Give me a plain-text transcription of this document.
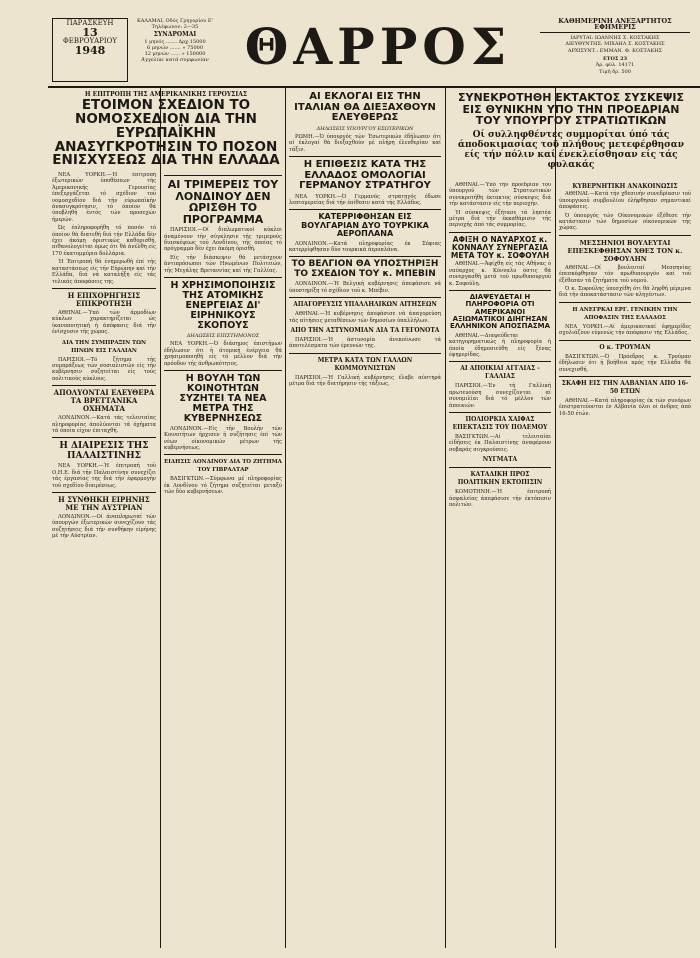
ΠΑΡΑΣΚΕΥΗ
13
ΦΕΒΡΟΥΑΡΙΟΥ
1948
ΚΑΛΑΜΑΙ, Οδός Γρηγορίου Ε'
Τηλέφωνον: 2—35
ΣΥΝΔΡΟΜΑΙ
1 μηνός ....... Δρχ.15000
6 μηνών ....... » 75000
12 μηνών ...... » 150000
Άγγελίαι κατά συμφωνίαν ΘΑΡΡΟΣ	ΚΑΘΗΜΕΡΙΝΗ ΑΝΕΞΑΡΤΗΤΟΣ ΕΦΗΜΕΡΙΣ
ΙΔΡΥΤΑΙ: ΙΩΑΝΝΗΣ Σ. ΚΟΣΤΑΚΗΣ
ΔΙΕΥΘΥΝΤΗΣ: ΜΙΧΑΗΛ Σ. ΚΟΣΤΑΚΗΣ
ΑΡΧΙΣΥΝΤ.: ΕΜΜΑΝ. Φ. ΚΟΣΤΑΚΗΣ
ΕΤΟΣ 23
Άρ. φύλ. 14171
Τιμή δρ. 500
Η ΕΠΙΤΡΟΠΗ ΤΗΣ ΑΜΕΡΙΚΑΝΙΚΗΣ ΓΕΡΟΥΣΙΑΣ
ΕΤΟΙΜΟΝ ΣΧΕΔΙΟΝ ΤΟ ΝΟΜΟΣΧΕΔΙΟΝ ΔΙΑ ΤΗΝ ΕΥΡΩΠΑΪΚΗΝ ΑΝΑΣΥΓΚΡΟΤΗΣΙΝ ΤΟ ΠΟΣΟΝ ΕΝΙΣΧΥΣΕΩΣ ΔΙΑ ΤΗΝ ΕΛΛΑΔΑ

ΝΕΑ ΥΟΡΚΗ.—Ή έπιτροπή έξωτερικών ύποθέσεων τής Άμερικανικής Γερουσίας έπεξεργάζεται τό σχέδιον τοϋ νομοσχεδίου διά τήν εύρωπαϊκήν άνασυγκρότησιν, τό όποίον θά ύποβληθή έντός τών προσεχών ήμερών.

Ώς έπληροφορήθη τό ποσόν τό όποίον θά διατεθή διά τήν Ελλάδα δέν έχει άκόμη όριστικώς καθορισθή, πιθανολογείται όμως ότι θά άνέλθη είς 170 έκατομμύρια δολλάρια.

Ή Έπιτροπή θά ένημερωθή έπί τής καταστάσεως είς τήν Εύρώπην καί τήν Ελλάδα, διά νά καταλήξη είς τάς τελικάς άποφάσεις της.

Η ΕΠΙΧΟΡΗΓΗΣΙΣ ΕΠΙΚΡΟΤΗΣΗ

ΑΘΗΝΑΙ.—Ύπό τών άρμοδίων κύκλων χαρακτηρίζεται ώς ίκανοποιητική ή άπόφασις διά τήν ένίσχυσιν τής χώρας.

ΔΙΑ ΤΗΝ ΣΥΜΠΡΑΞΙΝ ΤΩΝ ΠΙΝΩΝ ΕΙΣ ΓΑΛΛΙΑΝ

ΠΑΡΙΣΙΟΙ.—Τό ζήτημα τής συμπράξεως τών σοσιαλιστών είς τήν κυβέρνησιν συζητείται είς τούς πολιτικούς κύκλους.

ΑΠΟΛΥΟΝΤΑΙ ΕΛΕΥΘΕΡΑ ΤΑ ΒΡΕΤΤΑΝΙΚΑ ΟΧΗΜΑΤΑ

ΛΟΝΔΙΝΟΝ.—Κατά τάς τελευταίας πληροφορίας άπολύονται τά όχήματα τά όποία είχον έπιταχθή.

Η ΔΙΑΙΡΕΣΙΣ ΤΗΣ ΠΑΛΑΙΣΤΙΝΗΣ

ΝΕΑ ΥΟΡΚΗ.—Ή έπιτροπή τοϋ Ο.Η.Ε. διά τήν Παλαιστίνην συνεχίζει τάς έργασίας της διά τήν έφαρμογήν τοϋ σχεδίου διαιρέσεως.

Η ΣΥΝΘΗΚΗ ΕΙΡΗΝΗΣ ΜΕ ΤΗΝ ΑΥΣΤΡΙΑΝ

ΛΟΝΔΙΝΟΝ.—Οί άναπληρωταί τών ύπουργών έξωτερικών συνεχίζουν τάς συζητήσεις διά τήν συνθήκην είρήνης μέ τήν Αύστρίαν.

ΑΙ ΤΡΙΜΕΡΕΙΣ ΤΟΥ ΛΟΝΔΙΝΟΥ ΔΕΝ ΩΡΙΣΘΗ ΤΟ ΠΡΟΓΡΑΜΜΑ

ΠΑΡΙΣΙΟΙ.—Οί διπλωματικοί κύκλοι άναμένουν τήν σύγκλησιν τής τριμερούς διασκέψεως τοϋ Λονδίνου, τής όποίας τό πρόγραμμα δέν έχει άκόμη όρισθή.

Είς τήν διάσκεψιν θά μετάσχουν άντιπρόσωποι τών Ηνωμένων Πολιτειών, τής Μεγάλης Βρεταννίας καί τής Γαλλίας.

Η ΧΡΗΣΙΜΟΠΟΙΗΣΙΣ ΤΗΣ ΑΤΟΜΙΚΗΣ ΕΝΕΡΓΕΙΑΣ ΔΙ' ΕΙΡΗΝΙΚΟΥΣ ΣΚΟΠΟΥΣ
ΔΗΛΩΣΕΙΣ ΕΠΙΣΤΗΜΟΝΟΣ

ΝΕΑ ΥΟΡΚΗ.—Ό διάσημος έπιστήμων έδήλωσεν ότι ή άτομική ένέργεια θά χρησιμοποιηθή είς τό μέλλον διά τήν πρόοδον τής άνθρωπότητος.

Η ΒΟΥΛΗ ΤΩΝ ΚΟΙΝΟΤΗΤΩΝ ΣΥΖΗΤΕΙ ΤΑ ΝΕΑ ΜΕΤΡΑ ΤΗΣ ΚΥΒΕΡΝΗΣΕΩΣ

ΛΟΝΔΙΝΟΝ.—Είς τήν Βουλήν τών Κοινοτήτων ήρχισεν ή συζήτησις έπί τών νέων οίκονομικών μέτρων τής κυβερνήσεως.

ΕΙΔΗΣΙΣ ΛΟΝΔΙΝΟΥ ΔΙΑ ΤΟ ΖΗΤΗΜΑ ΤΟΥ ΓΙΒΡΑΛΤΑΡ

ΒΑΣΙΓΚΤΩΝ.—Σύμφωνα μέ πληροφορίας έκ Λονδίνου τό ζήτημα συζητείται μεταξύ τών δύο κυβερνήσεων.

ΑΙ ΕΚΛΟΓΑΙ ΕΙΣ ΤΗΝ ΙΤΑΛΙΑΝ ΘΑ ΔΙΕΞΑΧΘΟΥΝ ΕΛΕΥΘΕΡΩΣ
ΔΗΛΩΣΕΙΣ ΥΠΟΥΡΓΟΥ ΕΣΩΤΕΡΙΚΩΝ

ΡΩΜΗ.—Ό ύπουργός τών Έσωτερικών έδήλωσεν ότι αί έκλογαί θά διεξαχθούν μέ πλήρη έλευθερίαν καί τάξιν.

Η ΕΠΙΘΕΣΙΣ ΚΑΤΑ ΤΗΣ ΕΛΛΑΔΟΣ ΟΜΟΛΟΓΙΑΙ ΓΕΡΜΑΝΟΥ ΣΤΡΑΤΗΓΟΥ

ΝΕΑ ΥΟΡΚΗ.—Ό Γερμανός στρατηγός έδωσε λεπτομερείας διά τήν έπίθεσιν κατά τής Ελλάδος.

ΚΑΤΕΡΡΙΦΘΗΣΑΝ ΕΙΣ ΒΟΥΛΓΑΡΙΑΝ ΔΥΟ ΤΟΥΡΚΙΚΑ ΑΕΡΟΠΛΑΝΑ

ΛΟΝΔΙΝΟΝ.—Κατά πληροφορίας έκ Σόφιας κατερρίφθησαν δύο τουρκικά άεροπλάνα.

ΤΟ ΒΕΛΓΙΟΝ ΘΑ ΥΠΟΣΤΗΡΙΞΗ ΤΟ ΣΧΕΔΙΟΝ ΤΟΥ κ. ΜΠΕΒΙΝ

ΛΟΝΔΙΝΟΝ.—Ή Βελγική κυβέρνησις άπεφάσισε νά ύποστηρίξη τό σχέδιον τοϋ κ. Μπέβιν.

ΑΠΑΓΟΡΕΥΣΙΣ ΥΠΑΛΛΗΛΙΚΩΝ ΑΙΤΗΣΕΩΝ

ΑΘΗΝΑΙ.—Ή κυβέρνησις άπεφάσισε νά άπαγορεύση τάς αίτήσεις μεταθέσεων τών δημοσίων ύπαλλήλων.

ΑΠΟ ΤΗΝ ΑΣΤΥΝΟΜΙΑΝ ΔΙΑ ΤΑ ΓΕΓΟΝΟΤΑ

ΠΑΡΙΣΙΟΙ.—Ή άστυνομία άνεκοίνωσε τά άποτελέσματα τών έρευνών της.

ΜΕΤΡΑ ΚΑΤΑ ΤΩΝ ΓΑΛΛΩΝ ΚΟΜΜΟΥΝΙΣΤΩΝ

ΠΑΡΙΣΙΟΙ.—Ή Γαλλική κυβέρνησις έλαβε αύστηρά μέτρα διά τήν διατήρησιν τής τάξεως.

ΣΥΝΕΚΡΟΤΗΘΗ ΕΚΤΑΚΤΟΣ ΣΥΣΚΕΨΙΣ ΕΙΣ ΘΥΝΙΚΗΝ ΥΠΟ ΤΗΝ ΠΡΟΕΔΡΙΑΝ ΤΟΥ ΥΠΟΥΡΓΟΥ ΣΤΡΑΤΙΩΤΙΚΩΝ
Οί συλληφθέντες συμμορίται ύπό τάς άποδοκιμασίας τοϋ πλήθους μετεφέρθησαν είς τήν πόλιν καί ένεκλείσθησαν είς τάς φυλακάς

ΑΘΗΝΑΙ.—Ύπό τήν προεδρίαν τοϋ ύπουργοϋ τών Στρατιωτικών συνεκροτήθη έκτακτος σύσκεψις διά τήν κατάστασιν είς τήν περιοχήν.

Ή σύσκεψις έξήτασε τά ληπτέα μέτρα διά τήν έκκαθάρισιν τής περιοχής άπό τάς συμμορίας.

ΑΦΙΞΗ Ο ΝΑΥΑΡΧΟΣ κ. ΚΟΝΝΑΛΥ ΣΥΝΕΡΓΑΣΙΑ ΜΕΤΑ ΤΟΥ κ. ΣΟΦΟΥΛΗ

ΑΘΗΝΑΙ.—Άφίχθη είς τάς Αθήνας ό ναύαρχος κ. Κόνναλυ όστις θά συνεργασθή μετά τοϋ πρωθυπουργοϋ κ. Σοφούλη.

ΔΙΑΨΕΥΔΕΤΑΙ Η ΠΛΗΡΟΦΟΡΙΑ ΟΤΙ ΑΜΕΡΙΚΑΝΟΙ ΑΞΙΩΜΑΤΙΚΟΙ ΔΙΗΓΗΣΑΝ ΕΛΛΗΝΙΚΟΝ ΑΠΟΣΠΑΣΜΑ

ΑΘΗΝΑΙ.—Διαψεύδεται κατηγορηματικώς ή πληροφορία ή όποία έδημοσιεύθη είς ξένας έφημερίδας.

ΑΙ ΑΠΟΙΚΙΑΙ ΑΓΓΛΙΑΣ - ΓΑΛΛΙΑΣ

ΠΑΡΙΣΙΟΙ.—Έν τή Γαλλική πρωτευούση συνεχίζονται αί συνομιλίαι διά τό μέλλον τών άποικιών.

ΠΟΛΙΟΡΚΙΑ ΧΑΙΦΑΣ ΕΠΕΚΤΑΣΙΣ ΤΟΥ ΠΟΛΕΜΟΥ

ΒΑΣΙΓΚΤΩΝ.—Αί τελευταίαι είδήσεις έκ Παλαιστίνης άναφέρουν σοβαράς συγκρούσεις.

ΝΥΓΜΑΤΑ
ΚΑΤΑΔΙΚΗ ΠΡΟΣ ΠΟΛΙΤΙΚΗΝ ΕΚΤΟΠΙΣΙΝ

ΚΟΜΟΤΗΝΗ.—Ή έπιτροπή άσφαλείας άπεφάσισε τήν έκτόπισιν πολιτών.

ΚΥΒΕΡΝΗΤΙΚΗ ΑΝΑΚΟΙΝΩΣΙΣ

ΑΘΗΝΑΙ.—Κατά τήν χθεσινήν συνεδρίασιν τοϋ ύπουργικοϋ συμβουλίου έλήφθησαν σημαντικαί άποφάσεις.

Ό ύπουργός τών Οίκονομικών έξέθεσε τήν κατάστασιν τών δημοσίων οίκονομικών τής χώρας.

ΜΕΣΣΗΝΙΟΙ ΒΟΥΛΕΥΤΑΙ ΕΠΕΣΚΕΦΘΗΣΑΝ ΧΘΕΣ ΤΟΝ κ. ΣΟΦΟΥΛΗΝ

ΑΘΗΝΑΙ.—Οί βουλευταί Μεσσηνίας έπεσκέφθησαν τόν πρωθυπουργόν καί τοϋ έξέθεσαν τά ζητήματα τοϋ νομοϋ.

Ό κ. Σοφούλης ύπεσχέθη ότι θά ληφθή μέριμνα διά τήν άποκατάστασιν τών πληγέντων.

Η ΑΝΕΓΡΚΑΙ ΕΡΓ. ΓΕΝΙΚΗΝ ΤΗΝ ΑΠΟΦΑΣΙΝ ΤΗΣ ΕΛΛΑΔΟΣ

ΝΕΑ ΥΟΡΚΗ.—Αί άμερικανικαί έφημερίδες σχολιάζουν εύμενώς τήν άπόφασιν τής Ελλάδος.

Ο κ. ΤΡΟΥΜΑΝ

ΒΑΣΙΓΚΤΩΝ.—Ό Πρόεδρος κ. Τρούμαν έδήλωσεν ότι ή βοήθεια πρός τήν Ελλάδα θά συνεχισθή.

ΣΚΑΦΗ ΕΙΣ ΤΗΝ ΑΛΒΑΝΙΑΝ ΑΠΟ 16-50 ΕΤΩΝ

ΑΘΗΝΑΙ.—Κατά πληροφορίας έκ τών συνόρων έπιστρατεύονται έν Αλβανία όλοι οί άνδρες άπό 16-50 έτών.
